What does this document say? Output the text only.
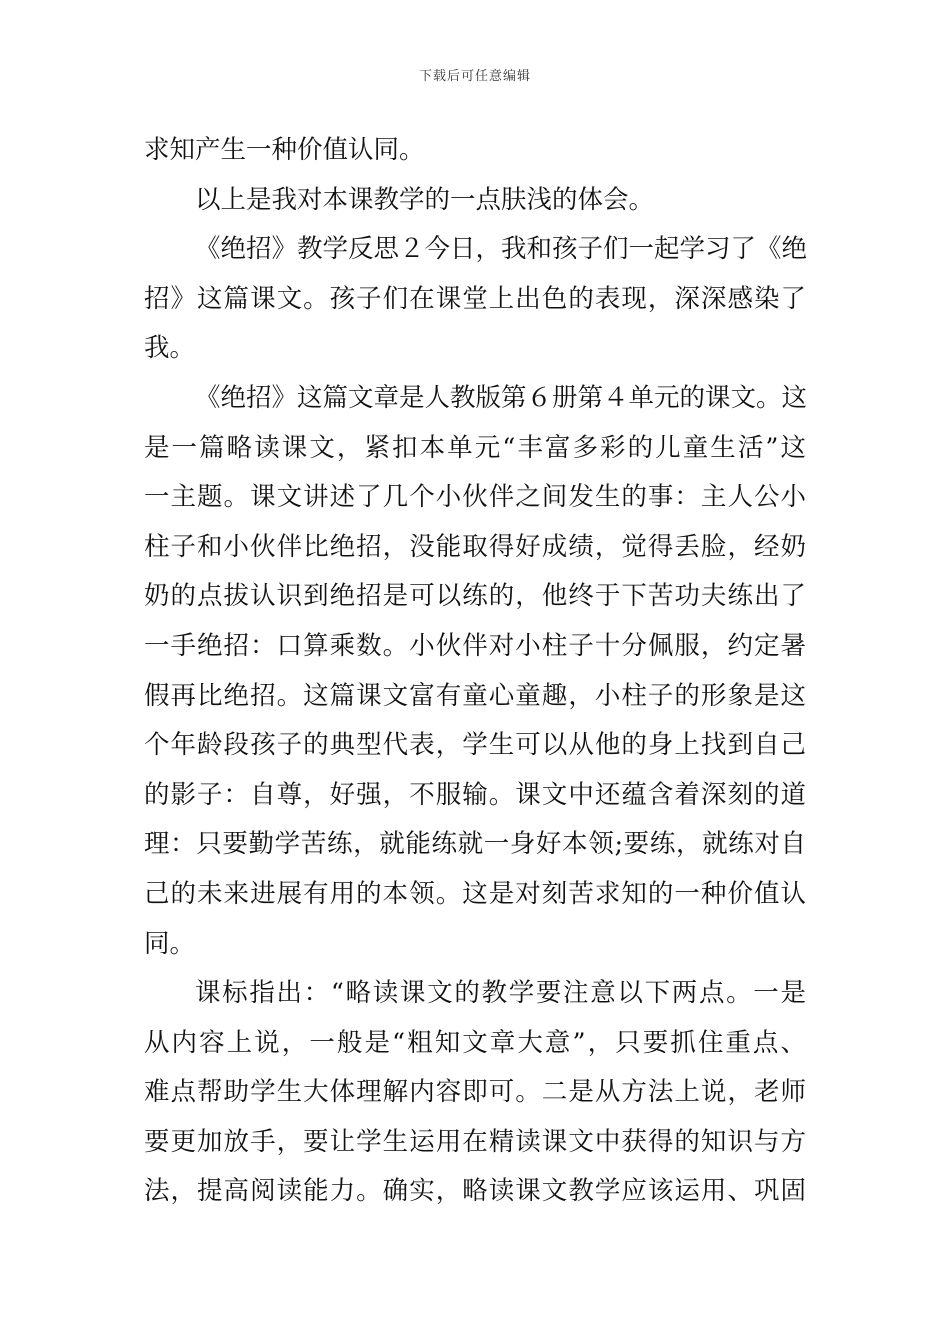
下载后可任意编辑
求知产生一种价值认同。
以上是我对本课教学的一点肤浅的体会。
《绝招》教学反思２今日，我和孩子们一起学习了《绝
招》这篇课文。孩子们在课堂上出色的表现，深深感染了
我。
《绝招》这篇文章是人教版第６册第４单元的课文。这
是一篇略读课文，紧扣本单元“丰富多彩的儿童生活”这
一主题。课文讲述了几个小伙伴之间发生的事：主人公小
柱子和小伙伴比绝招，没能取得好成绩，觉得丢脸，经奶
奶的点拔认识到绝招是可以练的，他终于下苦功夫练出了
一手绝招：口算乘数。小伙伴对小柱子十分佩服，约定暑
假再比绝招。这篇课文富有童心童趣，小柱子的形象是这
个年龄段孩子的典型代表，学生可以从他的身上找到自己
的影子：自尊，好强，不服输。课文中还蕴含着深刻的道
理：只要勤学苦练，就能练就一身好本领;要练，就练对自
己的未来进展有用的本领。这是对刻苦求知的一种价值认
同。
课标指出：“略读课文的教学要注意以下两点。一是
从内容上说，一般是“粗知文章大意”，只要抓住重点、
难点帮助学生大体理解内容即可。二是从方法上说，老师
要更加放手，要让学生运用在精读课文中获得的知识与方
法，提高阅读能力。确实，略读课文教学应该运用、巩固
